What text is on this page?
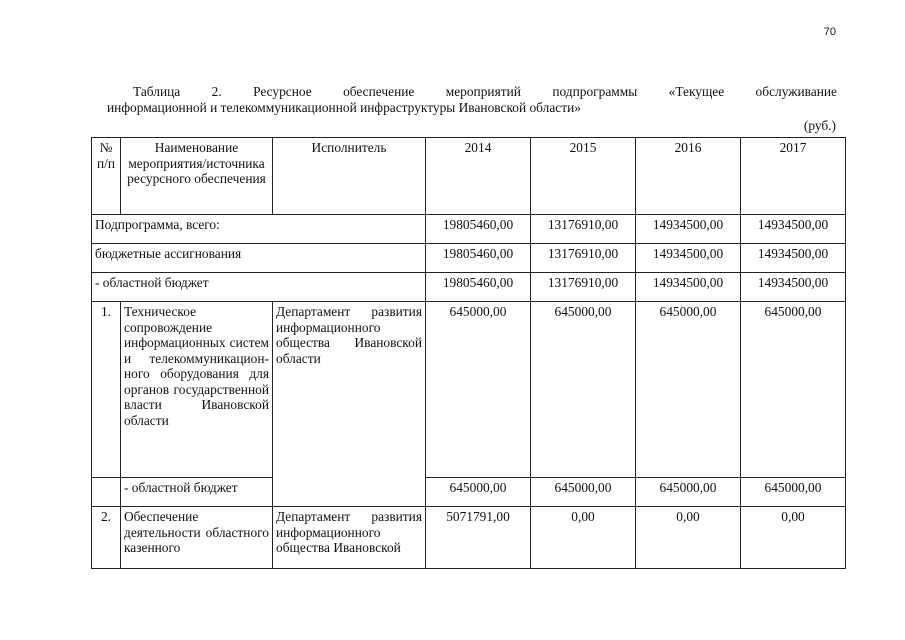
70
Таблица 2. Ресурсное обеспечение мероприятий подпрограммы «Текущее обслуживание
информационной и телекоммуникационной инфраструктуры Ивановской области»
(руб.)
№ п/п	Наименование мероприятия/источника ресурсного обеспечения	Исполнитель	2014	2015	2016	2017
Подпрограмма, всего:			19805460,00	13176910,00	14934500,00	14934500,00
бюджетные ассигнования			19805460,00	13176910,00	14934500,00	14934500,00
- областной бюджет			19805460,00	13176910,00	14934500,00	14934500,00
1.	Техническое сопровождение информационных систем и телекоммуникацион-ного оборудования для органов государственной власти Ивановской области	Департамент развития информационного общества Ивановской области	645000,00	645000,00	645000,00	645000,00
	- областной бюджет		645000,00	645000,00	645000,00	645000,00
2.	Обеспечение деятельности областного казенного	Департамент развития информационного общества Ивановской	5071791,00	0,00	0,00	0,00
